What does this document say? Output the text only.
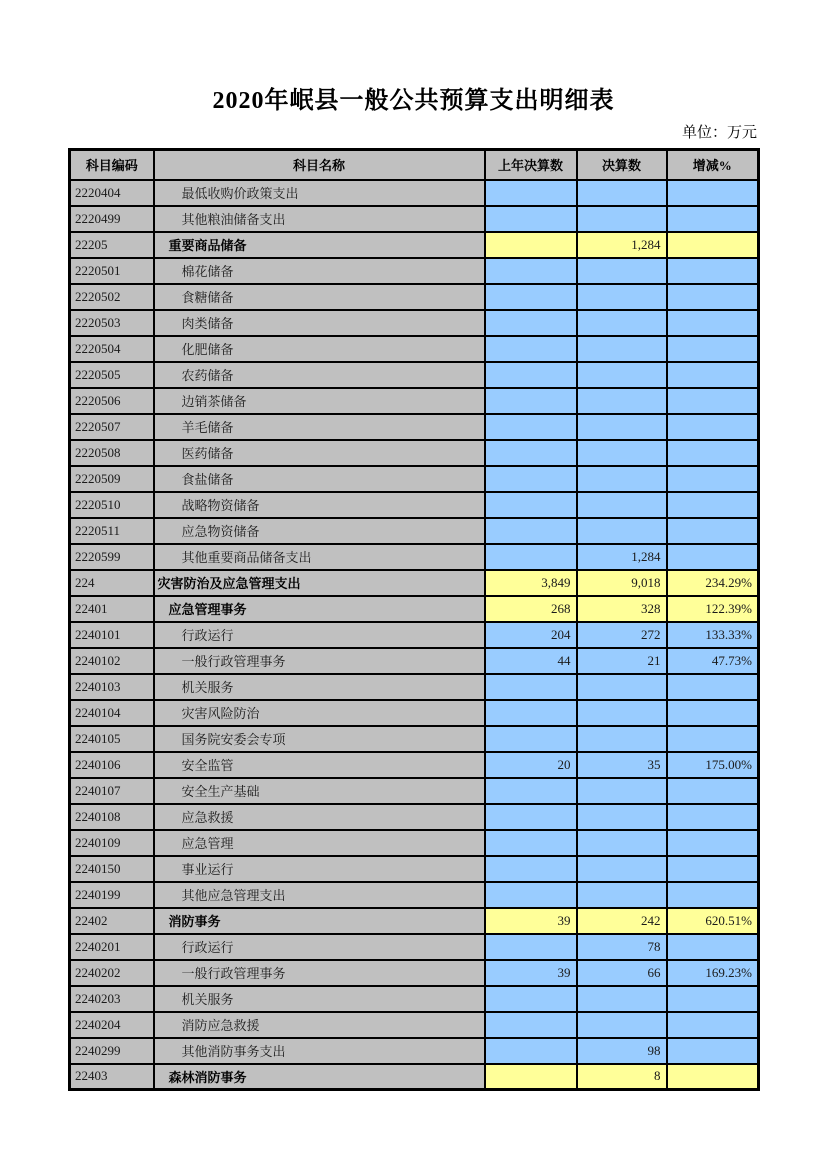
2020年岷县一般公共预算支出明细表
单位：万元
科目编码	科目名称	上年决算数	决算数	增减%
2220404	最低收购价政策支出			
2220499	其他粮油储备支出			
22205	重要商品储备		1,284	
2220501	棉花储备			
2220502	食糖储备			
2220503	肉类储备			
2220504	化肥储备			
2220505	农药储备			
2220506	边销茶储备			
2220507	羊毛储备			
2220508	医药储备			
2220509	食盐储备			
2220510	战略物资储备			
2220511	应急物资储备			
2220599	其他重要商品储备支出		1,284	
224	灾害防治及应急管理支出	3,849	9,018	234.29%
22401	应急管理事务	268	328	122.39%
2240101	行政运行	204	272	133.33%
2240102	一般行政管理事务	44	21	47.73%
2240103	机关服务			
2240104	灾害风险防治			
2240105	国务院安委会专项			
2240106	安全监管	20	35	175.00%
2240107	安全生产基础			
2240108	应急救援			
2240109	应急管理			
2240150	事业运行			
2240199	其他应急管理支出			
22402	消防事务	39	242	620.51%
2240201	行政运行		78	
2240202	一般行政管理事务	39	66	169.23%
2240203	机关服务			
2240204	消防应急救援			
2240299	其他消防事务支出		98	
22403	森林消防事务		8	
